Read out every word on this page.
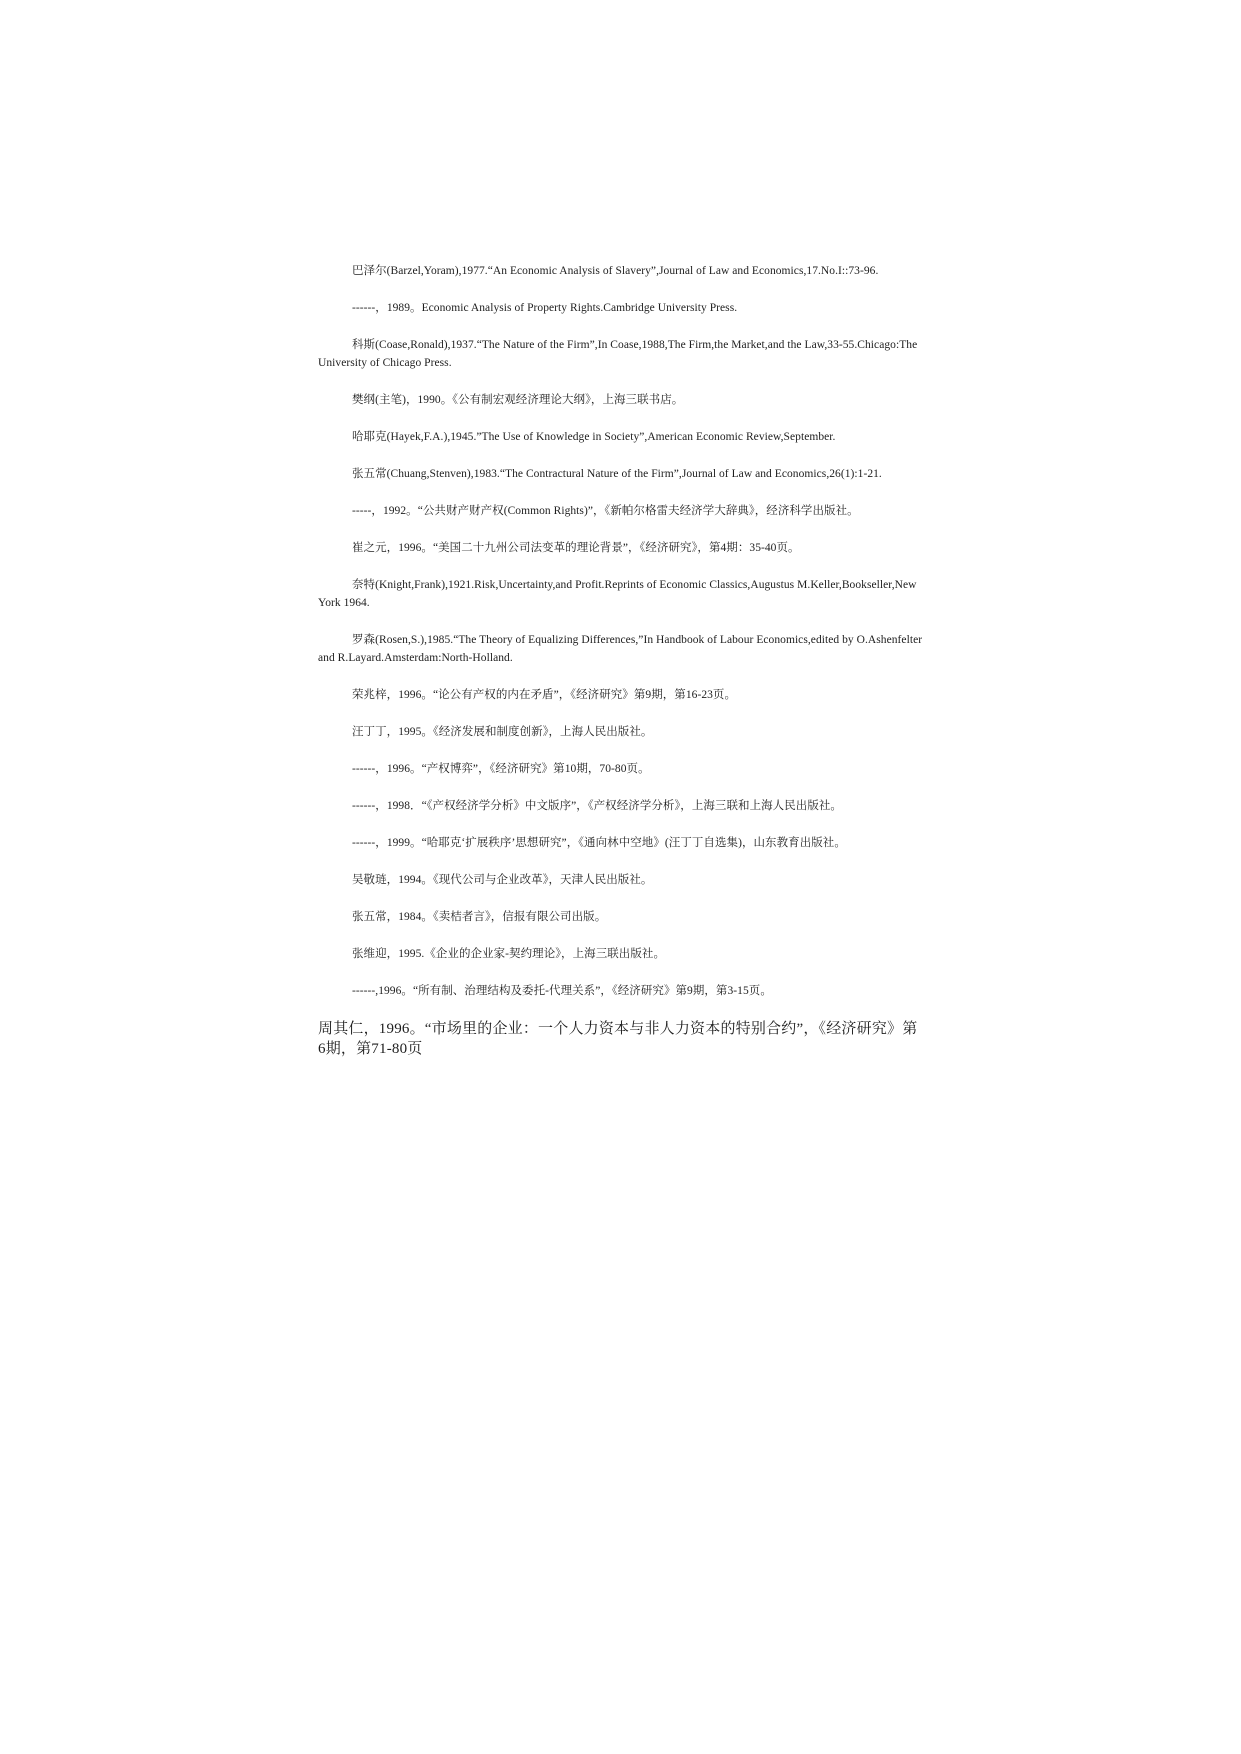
巴泽尔(Barzel,Yoram),1977.“An Economic Analysis of Slavery”,Journal of Law and Economics,17.No.I::73-96.

------，1989。Economic Analysis of Property Rights.Cambridge University Press.

科斯(Coase,Ronald),1937.“The Nature of the Firm”,In Coase,1988,The Firm,the Market,and the Law,33-55.Chicago:The University of Chicago Press.

樊纲(主笔)，1990。《公有制宏观经济理论大纲》，上海三联书店。

哈耶克(Hayek,F.A.),1945.”The Use of Knowledge in Society”,American Economic Review,September.

张五常(Chuang,Stenven),1983.“The Contractural Nature of the Firm”,Journal of Law and Economics,26(1):1-21.

-----，1992。“公共财产财产权(Common Rights)”，《新帕尔格雷夫经济学大辞典》，经济科学出版社。

崔之元，1996。“美国二十九州公司法变革的理论背景”，《经济研究》，第4期：35-40页。

奈特(Knight,Frank),1921.Risk,Uncertainty,and Profit.Reprints of Economic Classics,Augustus M.Keller,Bookseller,New York 1964.

罗森(Rosen,S.),1985.“The Theory of Equalizing Differences,”In Handbook of Labour Economics,edited by O.Ashenfelter and R.Layard.Amsterdam:North-Holland.

荣兆梓，1996。“论公有产权的内在矛盾”，《经济研究》第9期，第16-23页。

汪丁丁，1995。《经济发展和制度创新》，上海人民出版社。

------，1996。“产权博弈”，《经济研究》第10期，70-80页。

------，1998．“《产权经济学分析》中文版序”，《产权经济学分析》，上海三联和上海人民出版社。

------，1999。“哈耶克‘扩展秩序’思想研究”，《通向林中空地》(汪丁丁自选集)，山东教育出版社。

吴敬琏，1994。《现代公司与企业改革》，天津人民出版社。

张五常，1984。《卖桔者言》，信报有限公司出版。

张维迎，1995.《企业的企业家-契约理论》，上海三联出版社。

------,1996。“所有制、治理结构及委托-代理关系”，《经济研究》第9期，第3-15页。

周其仁，1996。“市场里的企业：一个人力资本与非人力资本的特别合约”，《经济研究》第6期，第71-80页
